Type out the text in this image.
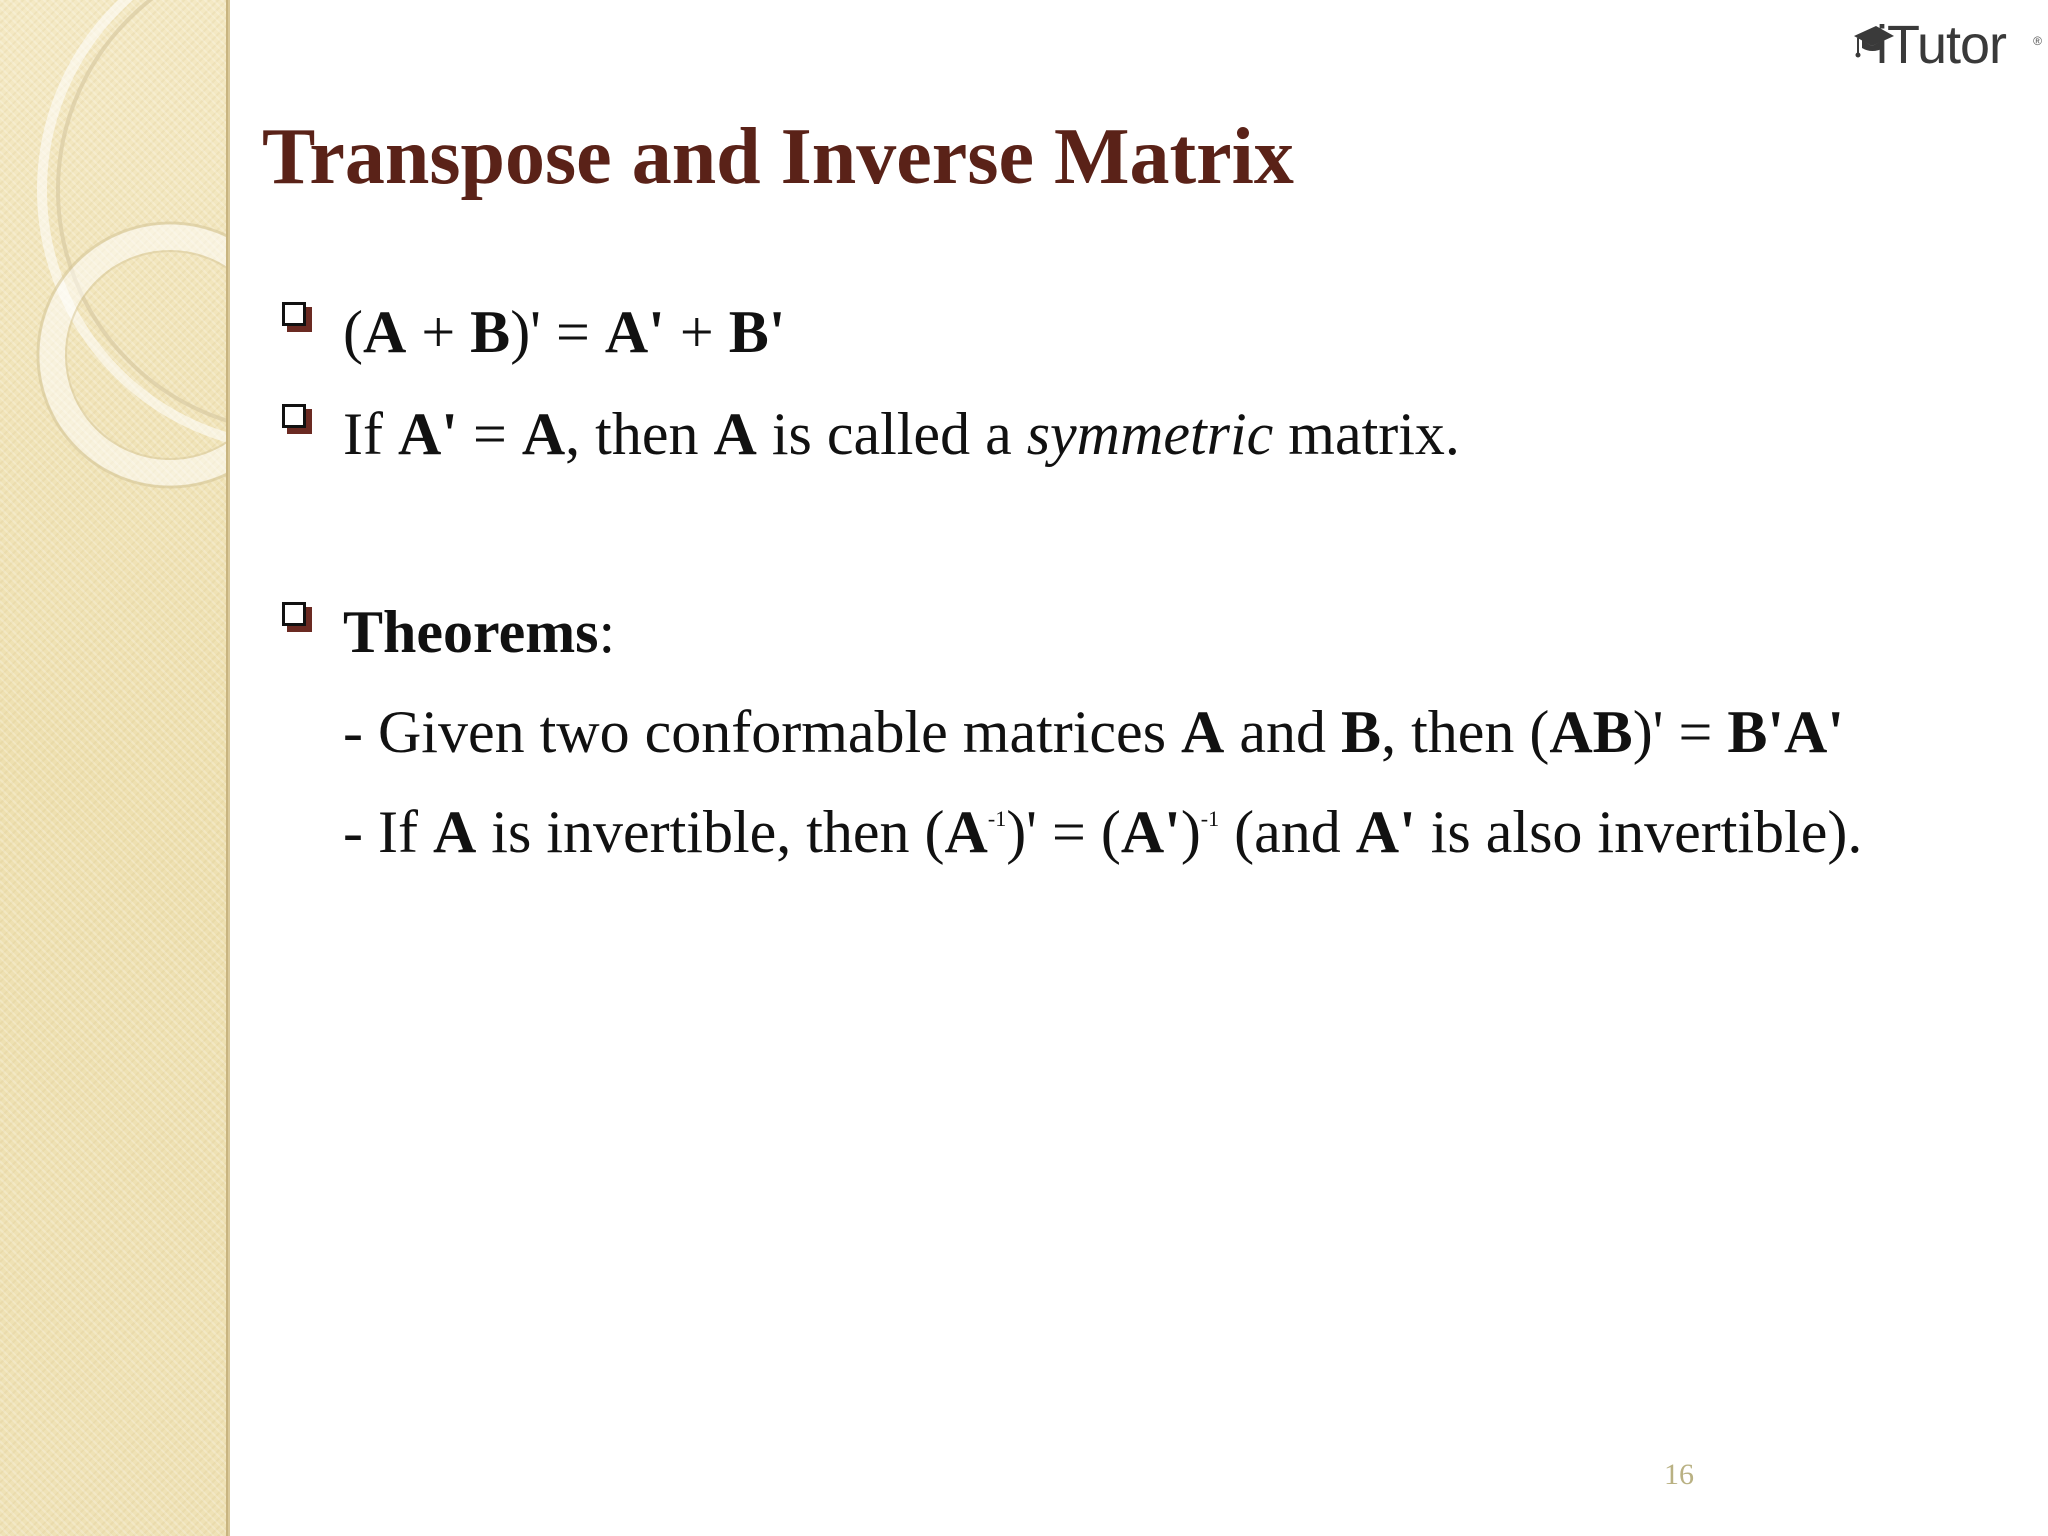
iTutor ®
Transpose and Inverse Matrix
(A + B)' = A' + B'
If A' = A, then A is called a symmetric matrix.
Theorems:
- Given two conformable matrices A and B, then (AB)' = B'A'
- If A is invertible, then $(A^{-1})' = (A')^{-1}$ (and A' is also invertible).
16
